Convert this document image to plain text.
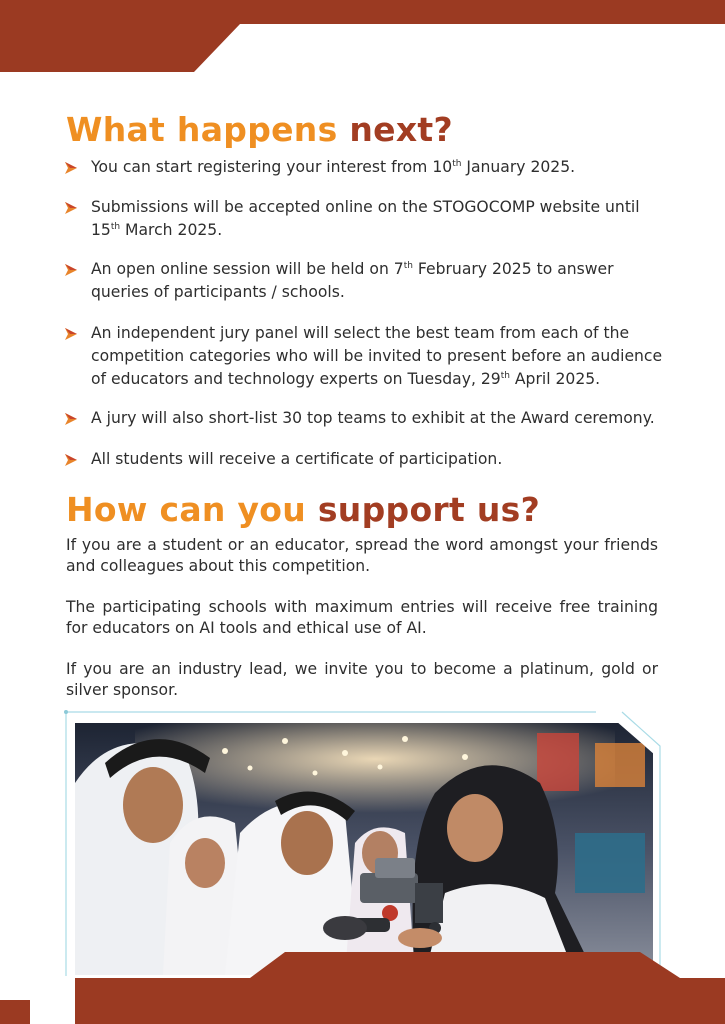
What happens next?
You can start registering your interest from 10th January 2025.
Submissions will be accepted online on the STOGOCOMP website until 15th March 2025.
An open online session will be held on 7th February 2025 to answer queries of participants / schools.
An independent jury panel will select the best team from each of the competition categories who will be invited to present before an audience of educators and technology experts on Tuesday, 29th April 2025.
A jury will also short-list 30 top teams to exhibit at the Award ceremony.
All students will receive a certificate of participation.
How can you support us?

If you are a student or an educator, spread the word amongst your friends and colleagues about this competition.

The participating schools with maximum entries will receive free training for educators on AI tools and ethical use of AI.

If you are an industry lead, we invite you to become a platinum, gold or silver sponsor.
